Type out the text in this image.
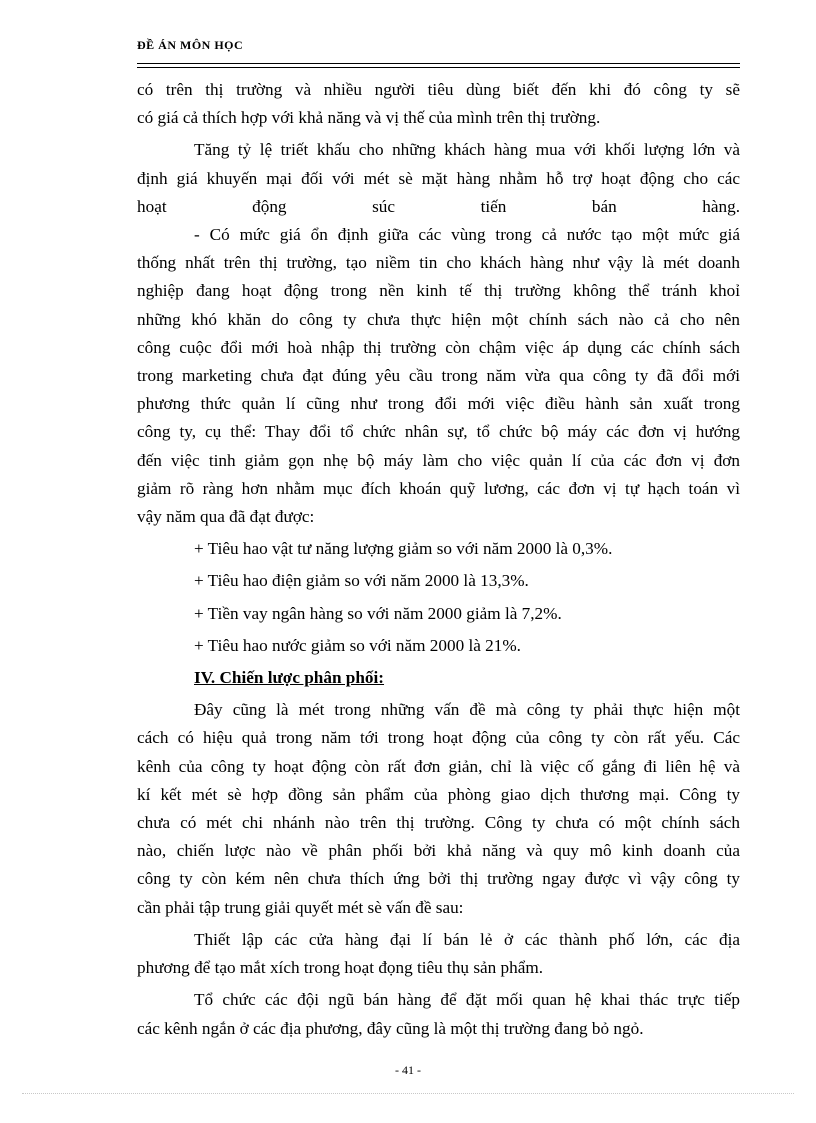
ĐỀ ÁN MÔN HỌC

có trên thị trường và nhiều người tiêu dùng biết đến khi đó công ty sẽ

có giá cả thích hợp với khả năng và vị thế của mình trên thị trường.

Tăng tỷ lệ triết khấu cho những khách hàng mua với khối lượng lớn và

định giá khuyến mại đối với mét sè mặt hàng nhằm hỗ trợ hoạt động cho các

hoạt động súc tiến bán hàng.

- Có mức giá ổn định giữa các vùng trong cả nước tạo một mức giá

thống nhất trên thị trường, tạo niềm tin cho khách hàng như vậy là mét doanh

nghiệp đang hoạt động trong nền kinh tế thị trường không thể tránh khoỉ

những khó khăn do công ty chưa thực hiện một chính sách nào cả cho nên

công cuộc đổi mới hoà nhập thị trường còn chậm việc áp dụng các chính sách

trong marketing chưa đạt đúng yêu cầu trong năm vừa qua công ty đã đổi mới

phương thức quản lí cũng như trong đổi mới việc điều hành sản xuất trong

công ty, cụ thể: Thay đổi tổ chức nhân sự, tổ chức bộ máy các đơn vị hướng

đến việc tinh giảm gọn nhẹ bộ máy làm cho việc quản lí của các đơn vị đơn

giảm rõ ràng hơn nhằm mục đích khoán quỹ lương, các đơn vị tự hạch toán vì

vậy năm qua đã đạt được:

+ Tiêu hao vật tư năng lượng giảm so với năm 2000 là 0,3%.

+ Tiêu hao điện giảm so với năm 2000 là 13,3%.

+ Tiền vay ngân hàng so với năm 2000 giảm là 7,2%.

+ Tiêu hao nước giảm so với năm 2000 là 21%.

IV. Chiến lược phân phối:

Đây cũng là mét trong những vấn đề mà công ty phải thực hiện một

cách có hiệu quả trong năm tới trong hoạt động của công ty còn rất yếu. Các

kênh của công ty hoạt động còn rất đơn giản, chỉ là việc cố gắng đi liên hệ và

kí kết mét sè hợp đồng sản phẩm của phòng giao dịch thương mại. Công ty

chưa có mét chi nhánh nào trên thị trường. Công ty chưa có một chính sách

nào, chiến lược nào về phân phối bởi khả năng và quy mô kinh doanh của

công ty còn kém nên chưa thích ứng bởi thị trường ngay được vì vậy công ty

cần phải tập trung giải quyết mét sè vấn đề sau:

Thiết lập các cửa hàng đại lí bán lẻ ở các thành phố lớn, các địa

phương để tạo mắt xích trong hoạt đọng tiêu thụ sản phẩm.

Tổ chức các đội ngũ bán hàng để đặt mối quan hệ khai thác trực tiếp

các kênh ngắn ở các địa phương, đây cũng là một thị trường đang bỏ ngỏ.

- 41 -
